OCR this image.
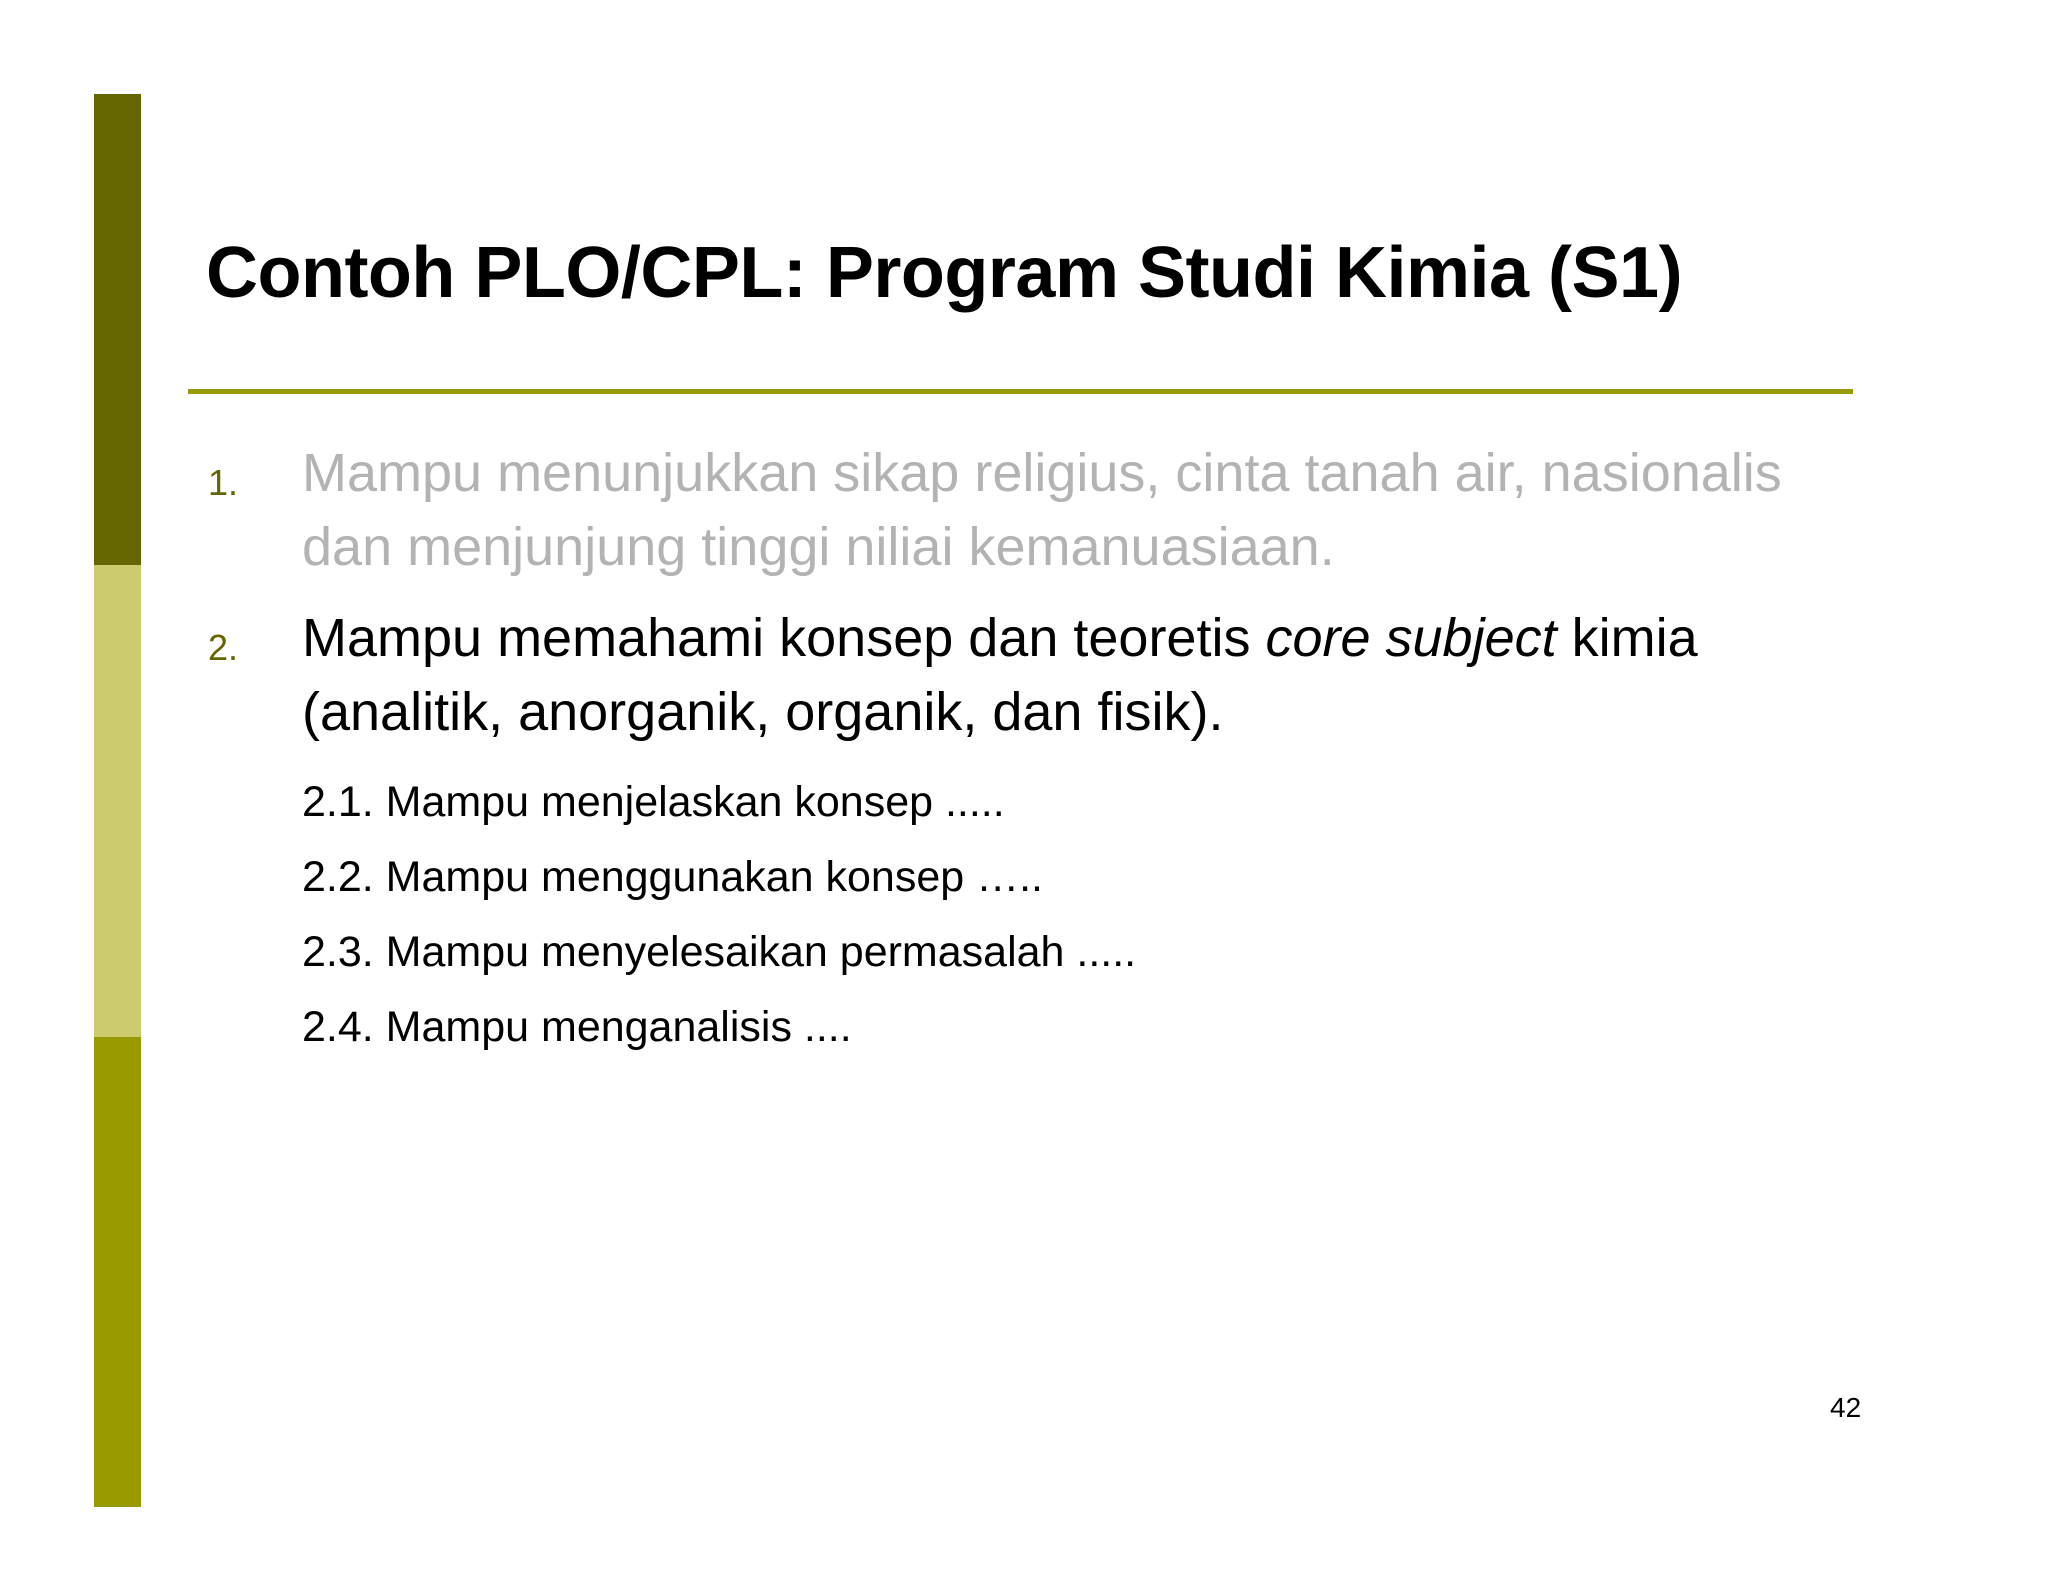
Contoh PLO/CPL: Program Studi Kimia (S1)
1. Mampu menunjukkan sikap religius, cinta tanah air, nasionalis dan menjunjung tinggi niliai kemanuasiaan.
2. Mampu memahami konsep dan teoretis core subject kimia (analitik, anorganik, organik, dan fisik).
2.1. Mampu menjelaskan konsep .....
2.2. Mampu menggunakan konsep …..
2.3. Mampu menyelesaikan permasalah .....
2.4. Mampu menganalisis ....
42
